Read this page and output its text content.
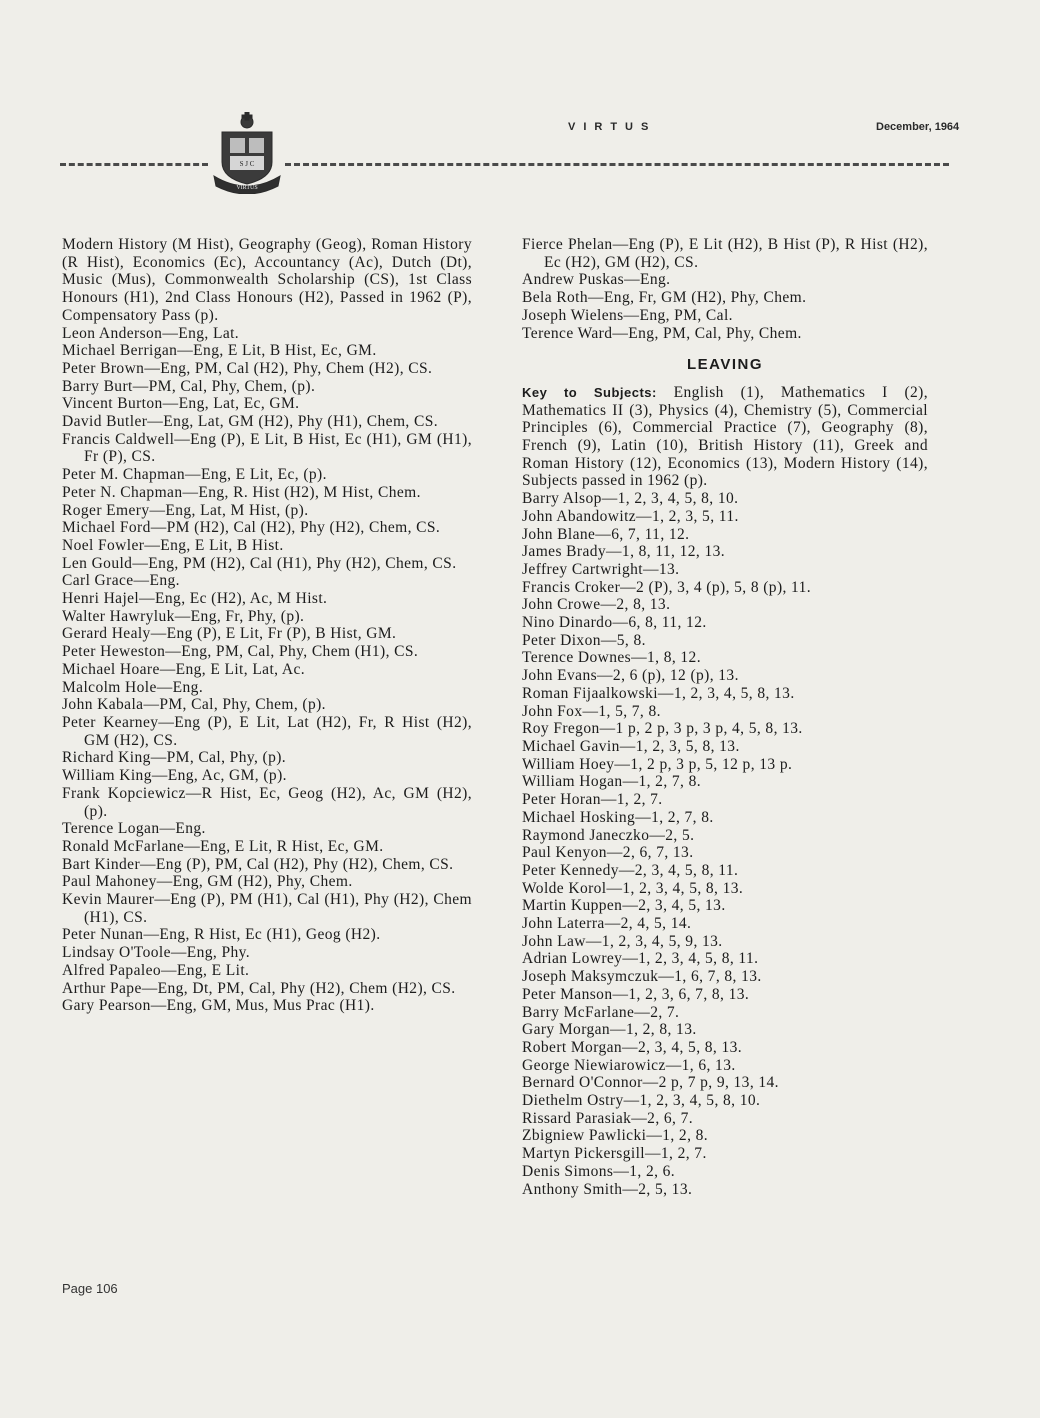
S J C
VIRTUS
VIRTUS	December, 1964

Modern History (M Hist), Geography (Geog), Roman History (R Hist), Economics (Ec), Accountancy (Ac), Dutch (Dt), Music (Mus), Commonwealth Scholarship (CS), 1st Class Honours (H1), 2nd Class Honours (H2), Passed in 1962 (P), Compensatory Pass (p).

Leon Anderson—Eng, Lat.

Michael Berrigan—Eng, E Lit, B Hist, Ec, GM.

Peter Brown—Eng, PM, Cal (H2), Phy, Chem (H2), CS.

Barry Burt—PM, Cal, Phy, Chem, (p).

Vincent Burton—Eng, Lat, Ec, GM.

David Butler—Eng, Lat, GM (H2), Phy (H1), Chem, CS.

Francis Caldwell—Eng (P), E Lit, B Hist, Ec (H1), GM (H1), Fr (P), CS.

Peter M. Chapman—Eng, E Lit, Ec, (p).

Peter N. Chapman—Eng, R. Hist (H2), M Hist, Chem.

Roger Emery—Eng, Lat, M Hist, (p).

Michael Ford—PM (H2), Cal (H2), Phy (H2), Chem, CS.

Noel Fowler—Eng, E Lit, B Hist.

Len Gould—Eng, PM (H2), Cal (H1), Phy (H2), Chem, CS.

Carl Grace—Eng.

Henri Hajel—Eng, Ec (H2), Ac, M Hist.

Walter Hawryluk—Eng, Fr, Phy, (p).

Gerard Healy—Eng (P), E Lit, Fr (P), B Hist, GM.

Peter Heweston—Eng, PM, Cal, Phy, Chem (H1), CS.

Michael Hoare—Eng, E Lit, Lat, Ac.

Malcolm Hole—Eng.

John Kabala—PM, Cal, Phy, Chem, (p).

Peter Kearney—Eng (P), E Lit, Lat (H2), Fr, R Hist (H2), GM (H2), CS.

Richard King—PM, Cal, Phy, (p).

William King—Eng, Ac, GM, (p).

Frank Kopciewicz—R Hist, Ec, Geog (H2), Ac, GM (H2), (p).

Terence Logan—Eng.

Ronald McFarlane—Eng, E Lit, R Hist, Ec, GM.

Bart Kinder—Eng (P), PM, Cal (H2), Phy (H2), Chem, CS.

Paul Mahoney—Eng, GM (H2), Phy, Chem.

Kevin Maurer—Eng (P), PM (H1), Cal (H1), Phy (H2), Chem (H1), CS.

Peter Nunan—Eng, R Hist, Ec (H1), Geog (H2).

Lindsay O'Toole—Eng, Phy.

Alfred Papaleo—Eng, E Lit.

Arthur Pape—Eng, Dt, PM, Cal, Phy (H2), Chem (H2), CS.

Gary Pearson—Eng, GM, Mus, Mus Prac (H1).

Fierce Phelan—Eng (P), E Lit (H2), B Hist (P), R Hist (H2), Ec (H2), GM (H2), CS.

Andrew Puskas—Eng.

Bela Roth—Eng, Fr, GM (H2), Phy, Chem.

Joseph Wielens—Eng, PM, Cal.

Terence Ward—Eng, PM, Cal, Phy, Chem.

LEAVING

Key to Subjects: English (1), Mathematics I (2), Mathematics II (3), Physics (4), Chemistry (5), Commercial Principles (6), Commercial Practice (7), Geography (8), French (9), Latin (10), British History (11), Greek and Roman History (12), Economics (13), Modern History (14), Subjects passed in 1962 (p).

Barry Alsop—1, 2, 3, 4, 5, 8, 10.

John Abandowitz—1, 2, 3, 5, 11.

John Blane—6, 7, 11, 12.

James Brady—1, 8, 11, 12, 13.

Jeffrey Cartwright—13.

Francis Croker—2 (P), 3, 4 (p), 5, 8 (p), 11.

John Crowe—2, 8, 13.

Nino Dinardo—6, 8, 11, 12.

Peter Dixon—5, 8.

Terence Downes—1, 8, 12.

John Evans—2, 6 (p), 12 (p), 13.

Roman Fijaalkowski—1, 2, 3, 4, 5, 8, 13.

John Fox—1, 5, 7, 8.

Roy Fregon—1 p, 2 p, 3 p, 3 p, 4, 5, 8, 13.

Michael Gavin—1, 2, 3, 5, 8, 13.

William Hoey—1, 2 p, 3 p, 5, 12 p, 13 p.

William Hogan—1, 2, 7, 8.

Peter Horan—1, 2, 7.

Michael Hosking—1, 2, 7, 8.

Raymond Janeczko—2, 5.

Paul Kenyon—2, 6, 7, 13.

Peter Kennedy—2, 3, 4, 5, 8, 11.

Wolde Korol—1, 2, 3, 4, 5, 8, 13.

Martin Kuppen—2, 3, 4, 5, 13.

John Laterra—2, 4, 5, 14.

John Law—1, 2, 3, 4, 5, 9, 13.

Adrian Lowrey—1, 2, 3, 4, 5, 8, 11.

Joseph Maksymczuk—1, 6, 7, 8, 13.

Peter Manson—1, 2, 3, 6, 7, 8, 13.

Barry McFarlane—2, 7.

Gary Morgan—1, 2, 8, 13.

Robert Morgan—2, 3, 4, 5, 8, 13.

George Niewiarowicz—1, 6, 13.

Bernard O'Connor—2 p, 7 p, 9, 13, 14.

Diethelm Ostry—1, 2, 3, 4, 5, 8, 10.

Rissard Parasiak—2, 6, 7.

Zbigniew Pawlicki—1, 2, 8.

Martyn Pickersgill—1, 2, 7.

Denis Simons—1, 2, 6.

Anthony Smith—2, 5, 13.

Page 106
